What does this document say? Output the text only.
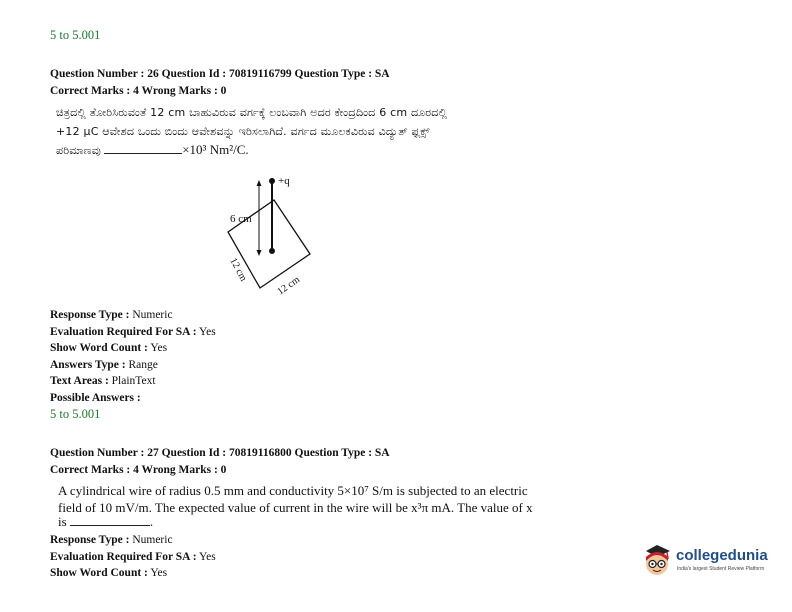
5 to 5.001
Question Number : 26 Question Id : 70819116799 Question Type : SA
Correct Marks : 4 Wrong Marks : 0
ಚಿತ್ರದಲ್ಲಿ ತೋರಿಸಿರುವಂತೆ 12 cm ಬಾಹುವಿರುವ ವರ್ಗಕ್ಕೆ ಲಂಬವಾಗಿ ಅದರ ಕೇಂದ್ರದಿಂದ 6 cm ದೂರದಲ್ಲಿ
+12 μC ಆವೇಶದ ಒಂದು ಬಿಂದು ಆವೇಶವನ್ನು ಇರಿಸಲಾಗಿದೆ. ವರ್ಗದ ಮೂಲಕವಿರುವ ವಿದ್ಯುತ್ ಫ್ಲಕ್ಸ್
ಪರಿಮಾಣವು	×10³ Nm²/C.
+q
6 cm
12 cm
12 cm
Response Type : Numeric
Evaluation Required For SA : Yes
Show Word Count : Yes
Answers Type : Range
Text Areas : PlainText
Possible Answers :
5 to 5.001
Question Number : 27 Question Id : 70819116800 Question Type : SA
Correct Marks : 4 Wrong Marks : 0
A cylindrical wire of radius 0.5 mm and conductivity 5×10⁷ S/m is subjected to an electric
field of 10 mV/m. The expected value of current in the wire will be x³π mA. The value of x
is	.
Response Type : Numeric
Evaluation Required For SA : Yes
Show Word Count : Yes
collegedunia
India's largest Student Review Platform
